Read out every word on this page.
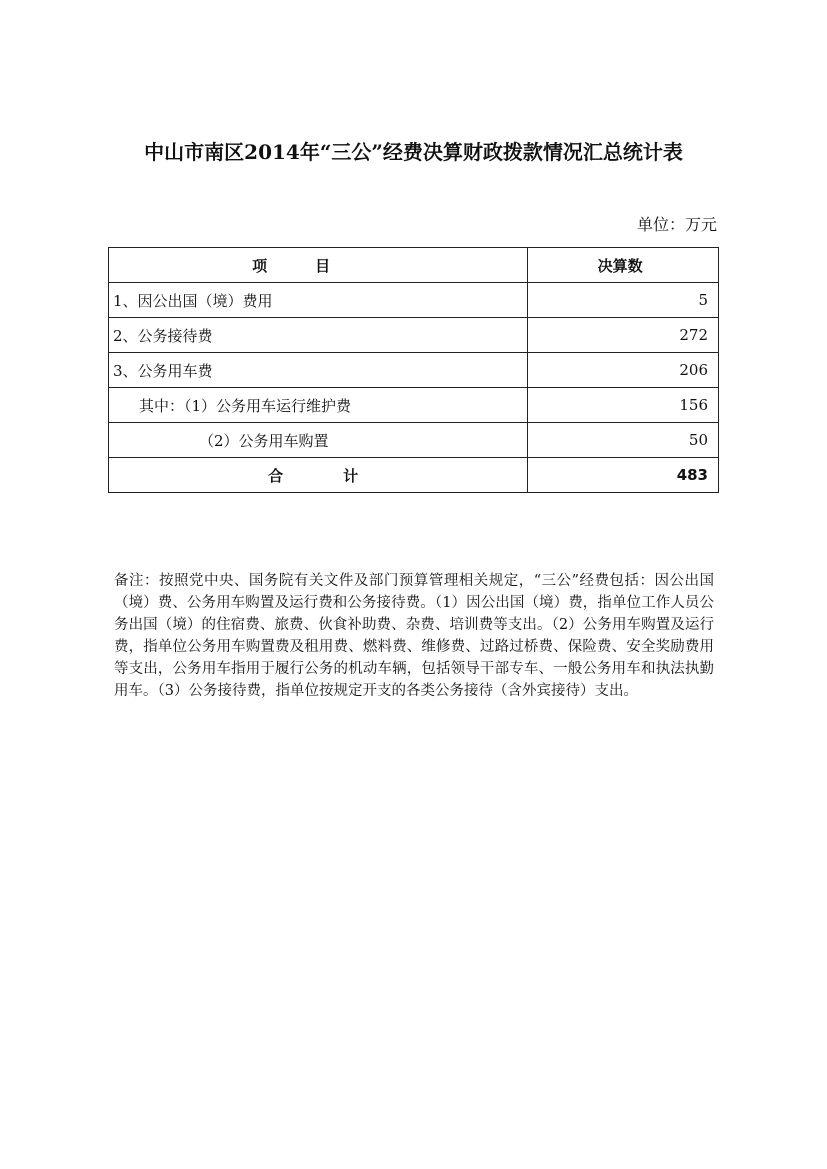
中山市南区2014年“三公”经费决算财政拨款情况汇总统计表
单位：万元
项目	决算数
1、因公出国（境）费用	5
2、公务接待费	272
3、公务用车费	206
其中：（1）公务用车运行维护费	156
（2）公务用车购置	50
合计	483
备注：按照党中央、国务院有关文件及部门预算管理相关规定，“三公”经费包括：因公出国（境）费、公务用车购置及运行费和公务接待费。（1）因公出国（境）费，指单位工作人员公务出国（境）的住宿费、旅费、伙食补助费、杂费、培训费等支出。（2）公务用车购置及运行费，指单位公务用车购置费及租用费、燃料费、维修费、过路过桥费、保险费、安全奖励费用等支出，公务用车指用于履行公务的机动车辆，包括领导干部专车、一般公务用车和执法执勤用车。（3）公务接待费，指单位按规定开支的各类公务接待（含外宾接待）支出。
